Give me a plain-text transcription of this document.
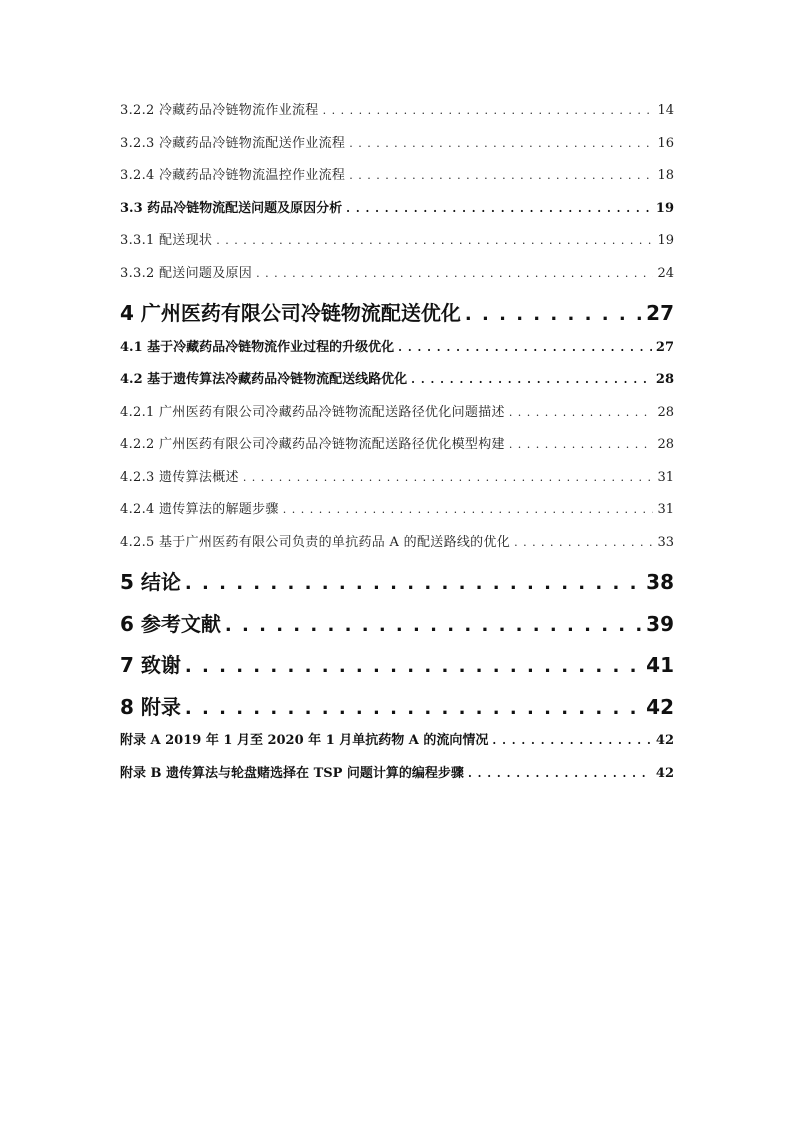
3.2.2 冷藏药品冷链物流作业流程 . . .	14
3.2.3 冷藏药品冷链物流配送作业流程 . . .	16
3.2.4 冷藏药品冷链物流温控作业流程 . . .	18
3.3 药品冷链物流配送问题及原因分析 . . .	19
3.3.1 配送现状 . . .	19
3.3.2 配送问题及原因 . . .	24
4 广州医药有限公司冷链物流配送优化 . . .	27
4.1 基于冷藏药品冷链物流作业过程的升级优化 . . .	27
4.2 基于遗传算法冷藏药品冷链物流配送线路优化 . . .	28
4.2.1 广州医药有限公司冷藏药品冷链物流配送路径优化问题描述 . . .	28
4.2.2 广州医药有限公司冷藏药品冷链物流配送路径优化模型构建 . . .	28
4.2.3 遗传算法概述 . . .	31
4.2.4 遗传算法的解题步骤 . . .	31
4.2.5 基于广州医药有限公司负责的单抗药品 A 的配送路线的优化 . . .	33
5 结论 . . .	38
6 参考文献 . . .	39
7 致谢 . . .	41
8 附录 . . .	42
附录 A 2019 年 1 月至 2020 年 1 月单抗药物 A 的流向情况 . . .	42
附录 B 遗传算法与轮盘赌选择在 TSP 问题计算的编程步骤 . . .	42
